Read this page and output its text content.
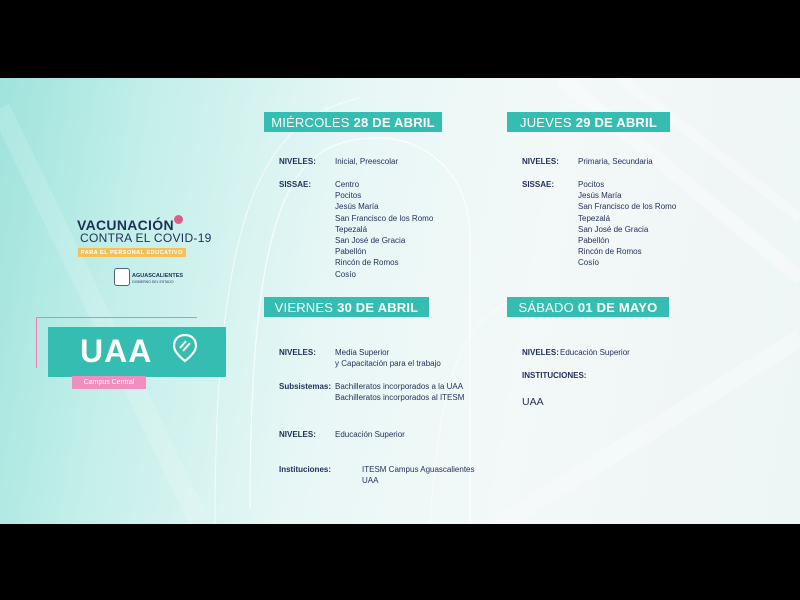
VACUNACIÓN
CONTRA EL COVID-19
PARA EL PERSONAL EDUCATIVO
AGUASCALIENTES
GOBIERNO DEL ESTADO
UAA
Campus Central
MIÉRCOLES 28 DE ABRIL
NIVELES: Inicial, Preescolar
SISSAE:	Centro
Pocitos
Jesús María
San Francisco de los Romo
Tepezalá
San José de Gracia
Pabellón
Rincón de Romos
Cosío
JUEVES 29 DE ABRIL
NIVELES: Primaria, Secundaria
SISSAE:	Pocitos
Jesús María
San Francisco de los Romo
Tepezalá
San José de Gracia
Pabellón
Rincón de Romos
Cosío
VIERNES 30 DE ABRIL
NIVELES: Media Superior
y Capacitación para el trabajo
Subsistemas: Bachilleratos incorporados a la UAA
Bachilleratos incorporados al ITESM
NIVELES: Educación Superior
Instituciones:	ITESM Campus Aguascalientes
UAA
SÁBADO 01 DE MAYO
NIVELES: Educación Superior
INSTITUCIONES:
UAA
